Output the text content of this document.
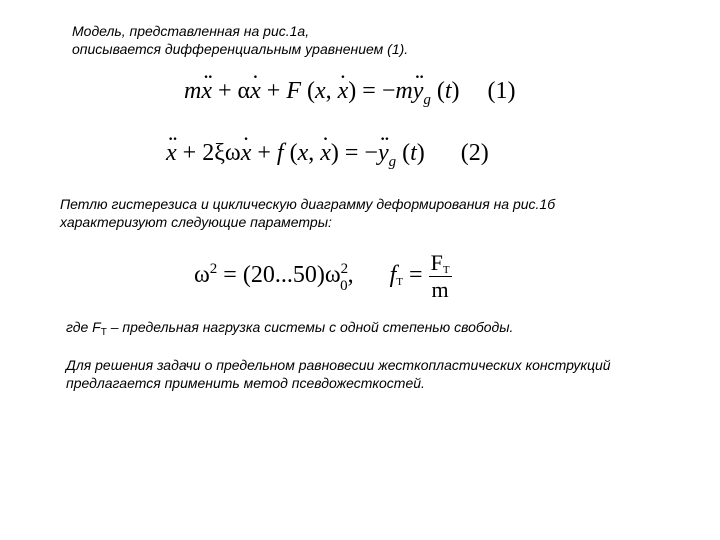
Модель, представленная на рис.1а,
описывается дифференциальным уравнением (1).
m·· x + α· x + F (x, · $x) = -m\cdot\cdot y_g$ (t) (1)
·· x + 2ξω· x + f (x, · x) = −·· $y_g$ (t) (2)
Петлю гистерезиса и циклическую диаграмму деформирования на рис.1б
характеризуют следующие параметры:
$\omega^2 = (20...50)\omega^2_0$, fT = $\frac{FT}{m}$
где $F_T$ – предельная нагрузка системы с одной степенью свободы.
Для решения задачи о предельном равновесии жесткопластических конструкций
предлагается применить метод псевдожесткостей.
